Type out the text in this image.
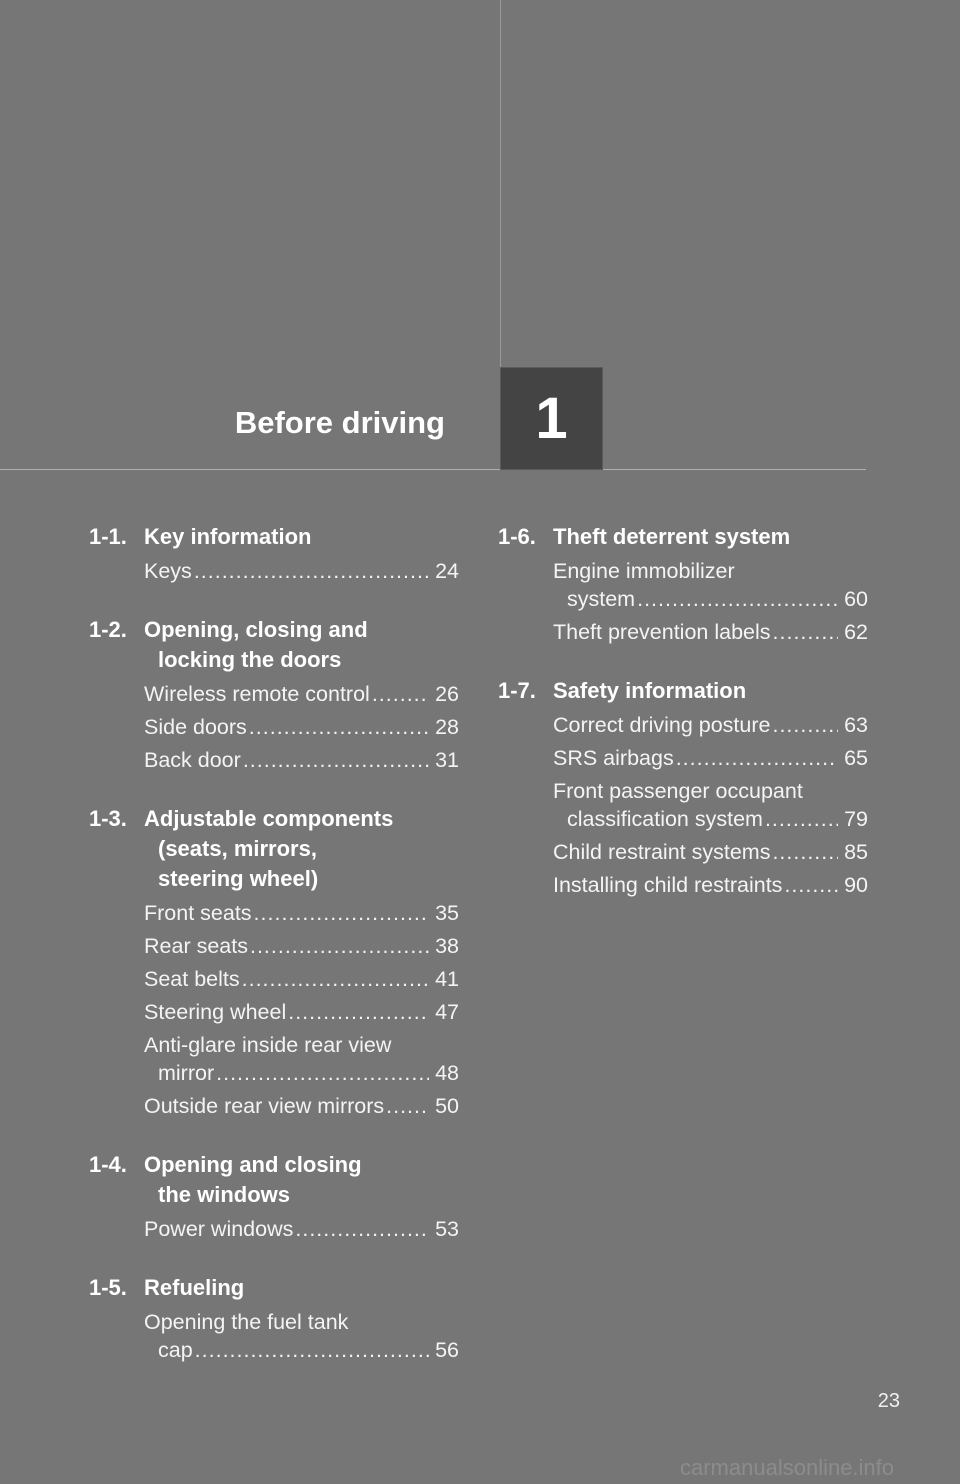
Before driving	1
1-1. Key information
Keys .....	24
1-2. Opening, closing and
locking the doors
Wireless remote control .....	26
Side doors .....	28
Back door .....	31
1-3. Adjustable components
(seats, mirrors,
steering wheel)
Front seats .....	35
Rear seats .....	38
Seat belts .....	41
Steering wheel .....	47
Anti-glare inside rear view
mirror .....	48
Outside rear view mirrors ..... 50
1-4. Opening and closing
the windows
Power windows .....	53
1-5. Refueling
Opening the fuel tank
cap .....	56
1-6. Theft deterrent system
Engine immobilizer
system .....	60
Theft prevention labels .....	62
1-7. Safety information
Correct driving posture .....	63
SRS airbags .....	65
Front passenger occupant
classification system .....	79
Child restraint systems .....	85
Installing child restraints .....	90
23
carmanualsonline.info
